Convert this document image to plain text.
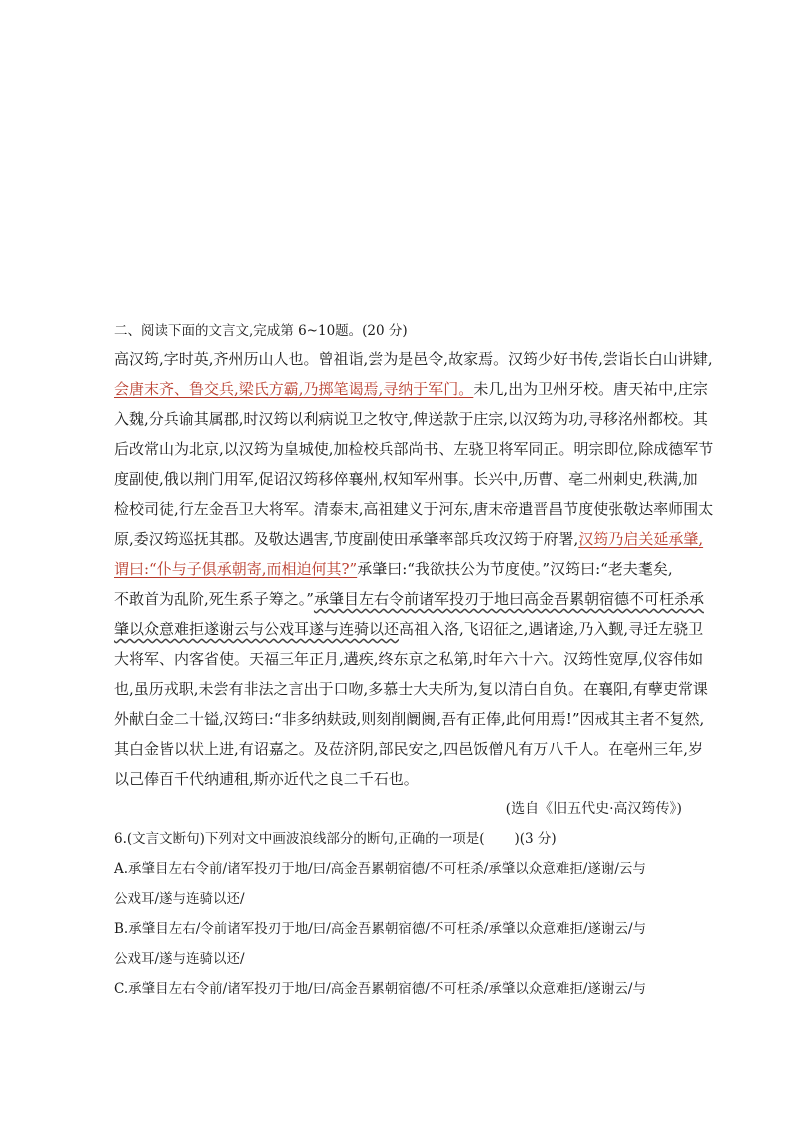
二、阅读下面的文言文,完成第 6~10题。(20 分)
高汉筠,字时英,齐州历山人也。曾祖诣,尝为是邑令,故家焉。汉筠少好书传,尝诣长白山讲肄,
会唐末齐、鲁交兵,梁氏方霸,乃掷笔谒焉,寻纳于军门。未几,出为卫州牙校。唐天祐中,庄宗
入魏,分兵谕其属郡,时汉筠以利病说卫之牧守,俾送款于庄宗,以汉筠为功,寻移洺州都校。其
后改常山为北京,以汉筠为皇城使,加检校兵部尚书、左骁卫将军同正。明宗即位,除成德军节
度副使,俄以荆门用军,促诏汉筠移倅襄州,权知军州事。长兴中,历曹、亳二州刺史,秩满,加
检校司徒,行左金吾卫大将军。清泰末,高祖建义于河东,唐末帝遣晋昌节度使张敬达率师围太
原,委汉筠巡抚其郡。及敬达遇害,节度副使田承肇率部兵攻汉筠于府署,汉筠乃启关延承肇,
谓曰:“仆与子俱承朝寄,而相迫何其?”承肇曰:“我欲扶公为节度使。”汉筠曰:“老夫耄矣,
不敢首为乱阶,死生系子筹之。”承肇目左右令前诸军投刃于地曰高金吾累朝宿德不可枉杀承
肇以众意难拒遂谢云与公戏耳遂与连骑以还高祖入洛,飞诏征之,遇诸途,乃入觐,寻迁左骁卫
大将军、内客省使。天福三年正月,遘疾,终东京之私第,时年六十六。汉筠性宽厚,仪容伟如
也,虽历戎职,未尝有非法之言出于口吻,多慕士大夫所为,复以清白自负。在襄阳,有孽吏常课
外献白金二十镒,汉筠曰:“非多纳麸豉,则刻削阛阓,吾有正俸,此何用焉!”因戒其主者不复然,
其白金皆以状上进,有诏嘉之。及莅济阴,部民安之,四邑饭僧凡有万八千人。在亳州三年,岁
以己俸百千代纳逋租,斯亦近代之良二千石也。
(选自《旧五代史·高汉筠传》)
6.(文言文断句)下列对文中画波浪线部分的断句,正确的一项是( )(3 分)
A.承肇目左右令前/诸军投刃于地/曰/高金吾累朝宿德/不可枉杀/承肇以众意难拒/遂谢/云与
公戏耳/遂与连骑以还/
B.承肇目左右/令前诸军投刃于地/曰/高金吾累朝宿德/不可枉杀/承肇以众意难拒/遂谢云/与
公戏耳/遂与连骑以还/
C.承肇目左右令前/诸军投刃于地/曰/高金吾累朝宿德/不可枉杀/承肇以众意难拒/遂谢云/与
